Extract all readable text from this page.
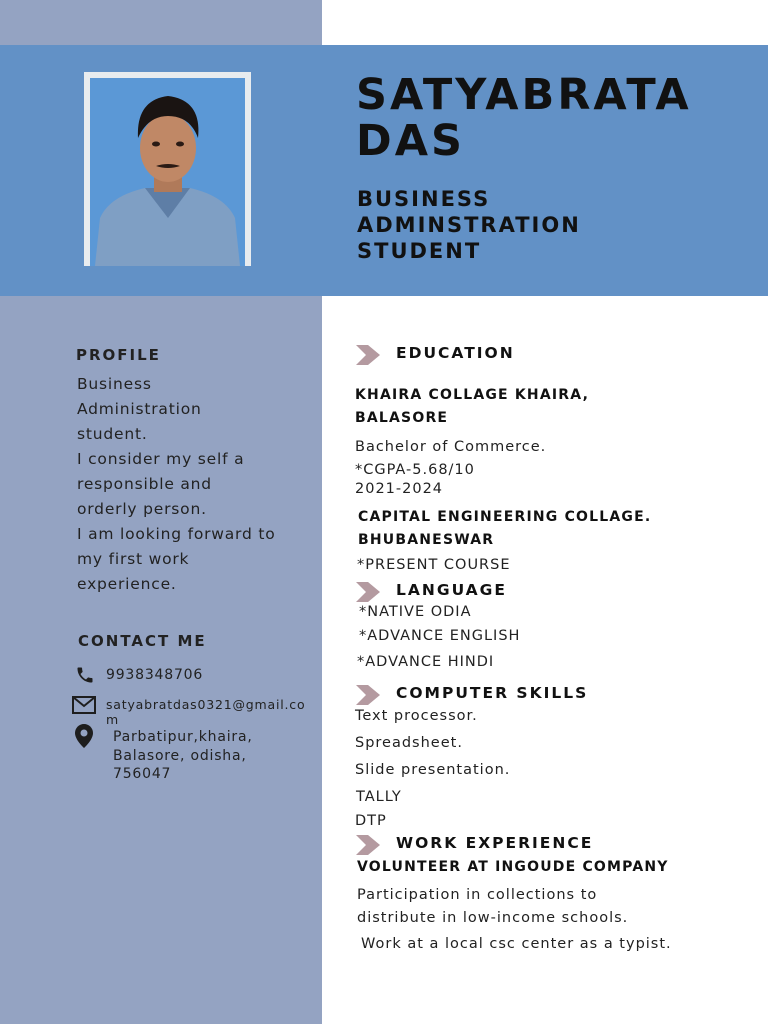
SATYABRATA
DAS
BUSINESS
ADMINSTRATION
STUDENT
PROFILE
Business
Administration
student.
I consider my self a
responsible and
orderly person.
I am looking forward to
my first work
experience.
CONTACT ME
9938348706
satyabratdas0321@gmail.co
m
Parbatipur,khaira,
Balasore, odisha,
756047
EDUCATION
KHAIRA COLLAGE KHAIRA,
BALASORE
Bachelor of Commerce.
*CGPA-5.68/10
2021-2024
CAPITAL ENGINEERING COLLAGE.
BHUBANESWAR
*PRESENT COURSE
LANGUAGE
*NATIVE ODIA
*ADVANCE ENGLISH
*ADVANCE HINDI
COMPUTER SKILLS
Text processor.
Spreadsheet.
Slide presentation.
TALLY
DTP
WORK EXPERIENCE
VOLUNTEER AT INGOUDE COMPANY
Participation in collections to
distribute in low-income schools.
Work at a local csc center as a typist.
